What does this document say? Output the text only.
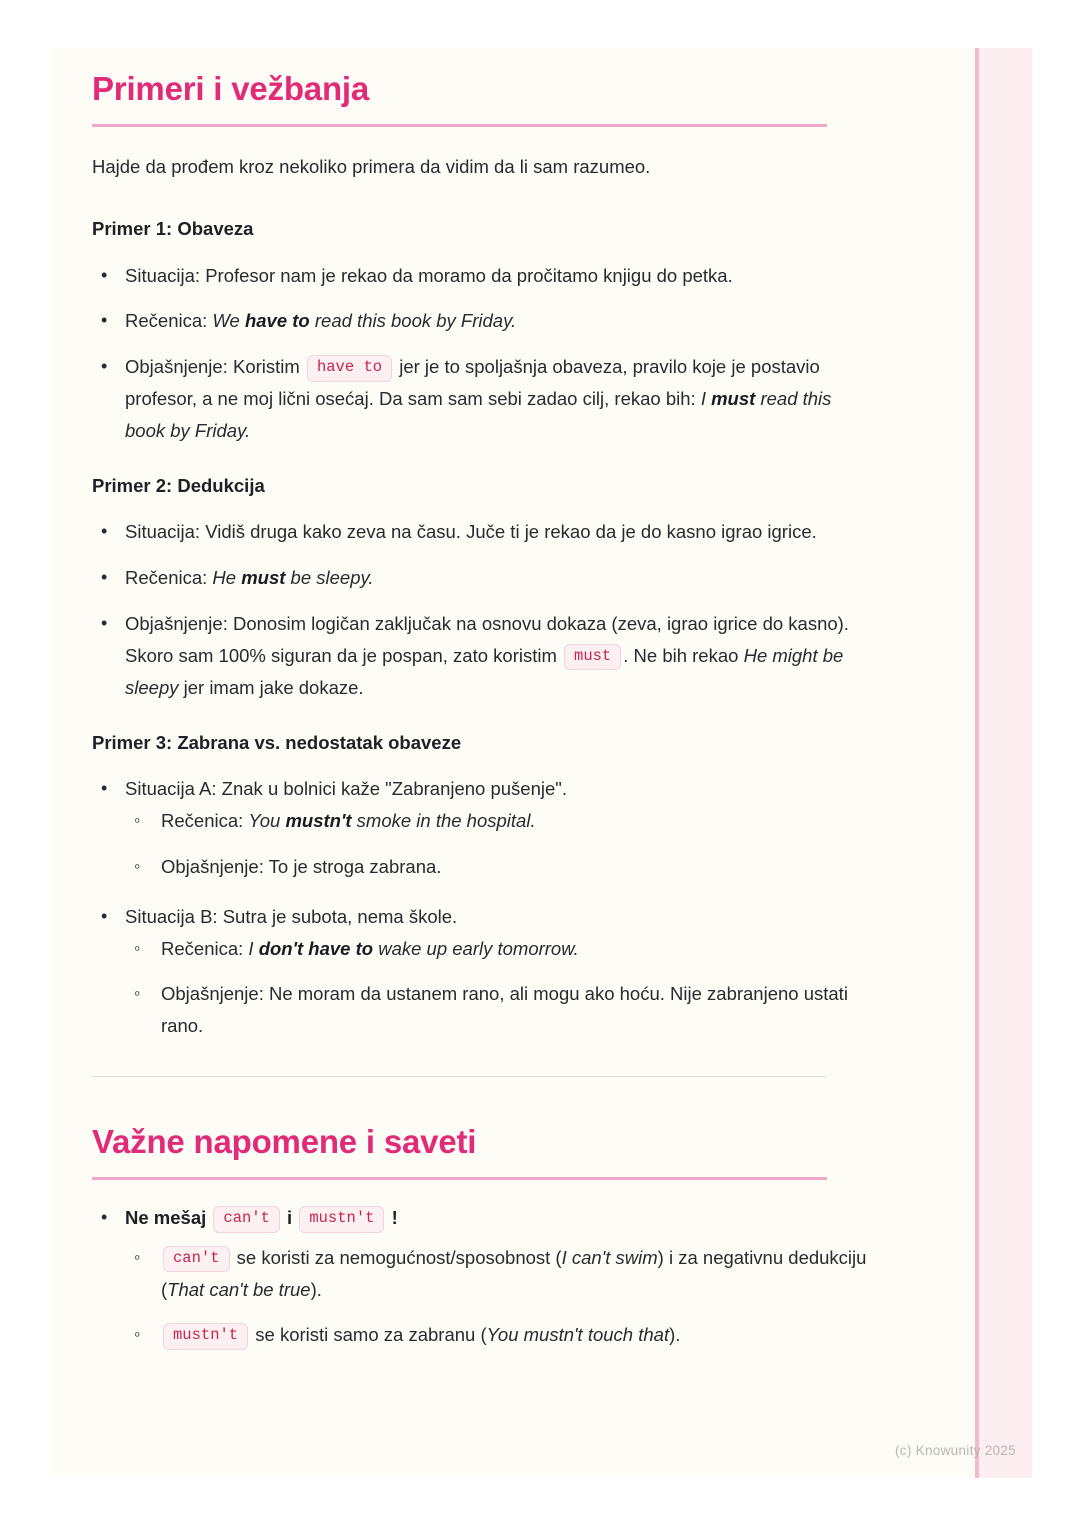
Primeri i vežbanja
Hajde da prođem kroz nekoliko primera da vidim da li sam razumeo.
Primer 1: Obaveza
• Situacija: Profesor nam je rekao da moramo da pročitamo knjigu do petka.
• Rečenica: We have to read this book by Friday.
• Objašnjenje: Koristim have to jer je to spoljašnja obaveza, pravilo koje je postavio profesor, a ne moj lični osećaj. Da sam sam sebi zadao cilj, rekao bih: I must read this book by Friday.
Primer 2: Dedukcija
• Situacija: Vidiš druga kako zeva na času. Juče ti je rekao da je do kasno igrao igrice.
• Rečenica: He must be sleepy.
• Objašnjenje: Donosim logičan zaključak na osnovu dokaza (zeva, igrao igrice do kasno). Skoro sam 100% siguran da je pospan, zato koristim must . Ne bih rekao He might be sleepy jer imam jake dokaze.
Primer 3: Zabrana vs. nedostatak obaveze
• Situacija A: Znak u bolnici kaže "Zabranjeno pušenje".
◦ Rečenica: You mustn't smoke in the hospital.
◦ Objašnjenje: To je stroga zabrana.
• Situacija B: Sutra je subota, nema škole.
◦ Rečenica: I don't have to wake up early tomorrow.
◦ Objašnjenje: Ne moram da ustanem rano, ali mogu ako hoću. Nije zabranjeno ustati rano.
Važne napomene i saveti
• Ne mešaj can't i mustn't !
◦ can't se koristi za nemogućnost/sposobnost (I can't swim) i za negativnu dedukciju (That can't be true).
◦ mustn't se koristi samo za zabranu (You mustn't touch that).
(c) Knowunity 2025
